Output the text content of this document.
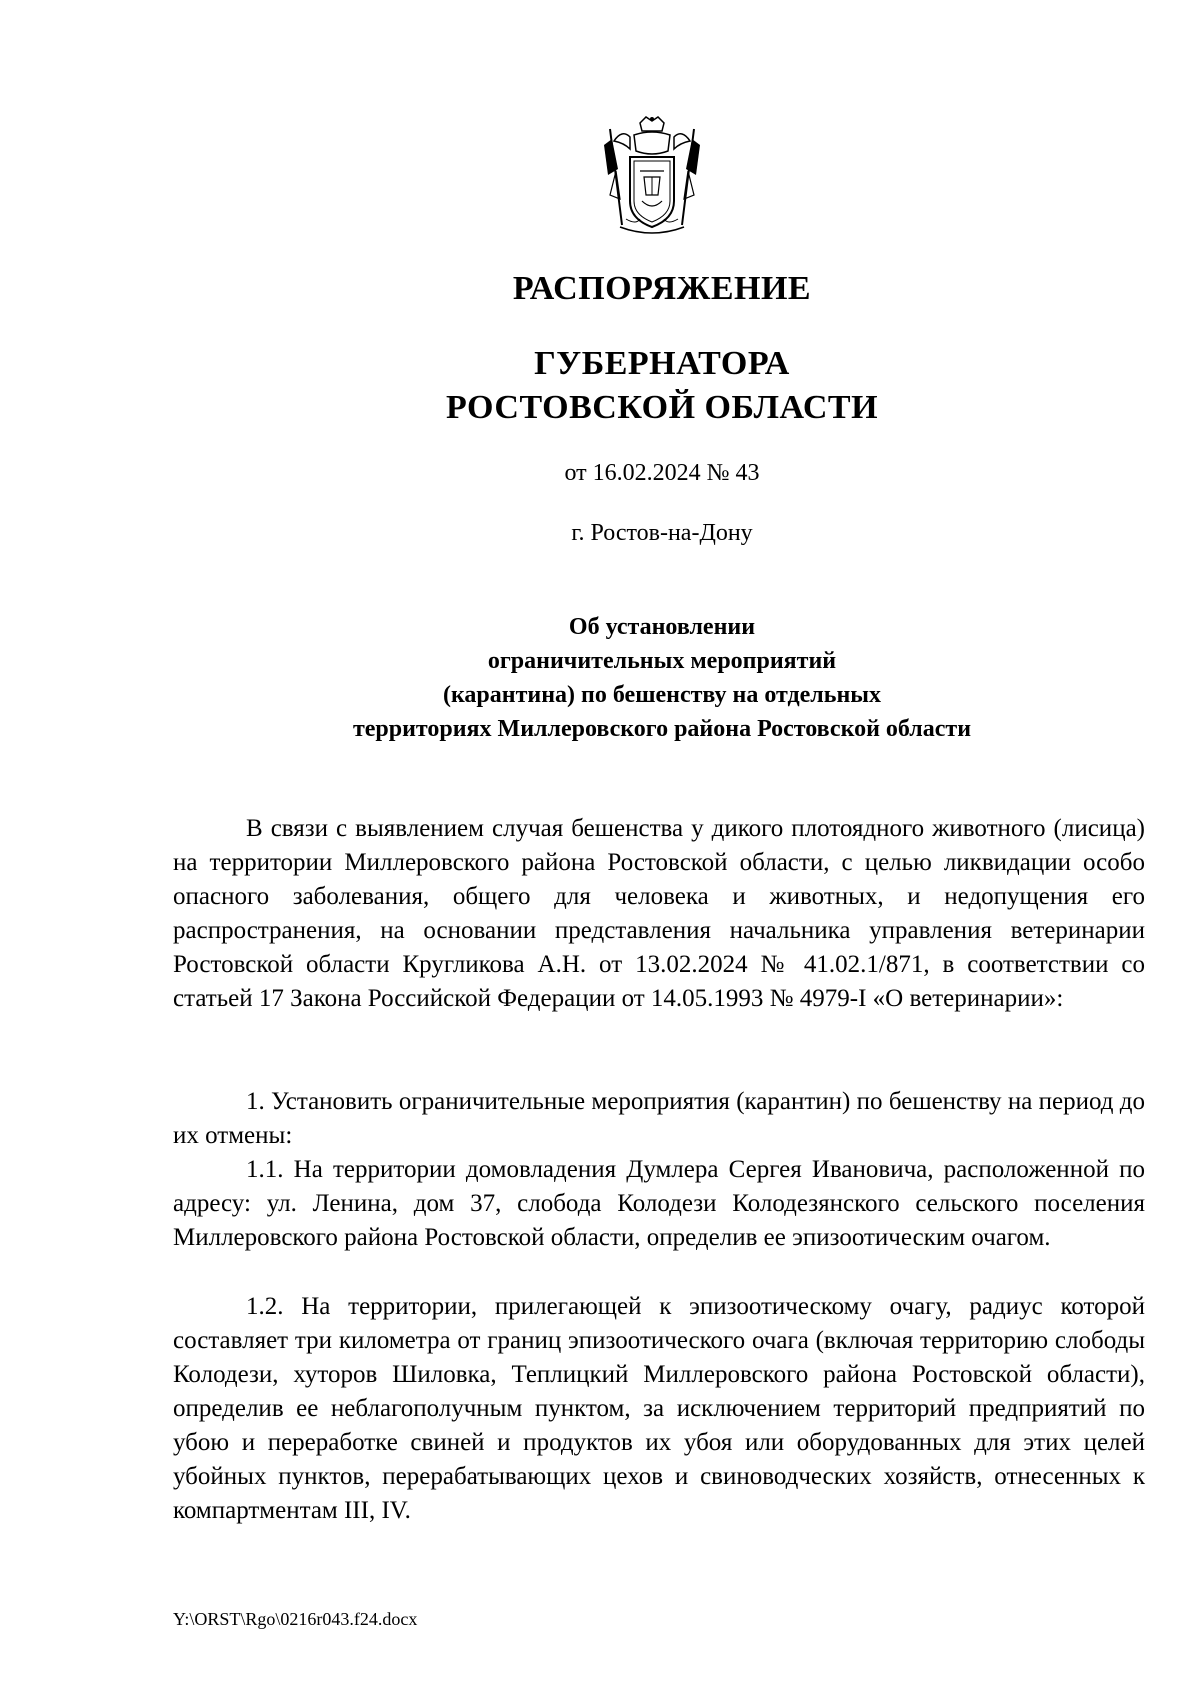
РАСПОРЯЖЕНИЕ
ГУБЕРНАТОРА
РОСТОВСКОЙ ОБЛАСТИ
от 16.02.2024 № 43
г. Ростов-на-Дону
Об установлении
ограничительных мероприятий
(карантина) по бешенству на отдельных
территориях Миллеровского района Ростовской области

В связи с выявлением случая бешенства у дикого плотоядного животного (лисица) на территории Миллеровского района Ростовской области, с целью ликвидации особо опасного заболевания, общего для человека и животных, и недопущения его распространения, на основании представления начальника управления ветеринарии Ростовской области Кругликова А.Н. от 13.02.2024 № 41.02.1/871, в соответствии со статьей 17 Закона Российской Федерации от 14.05.1993 № 4979-I «О ветеринарии»:

1. Установить ограничительные мероприятия (карантин) по бешенству на период до их отмены:

1.1. На территории домовладения Думлера Сергея Ивановича, расположенной по адресу: ул. Ленина, дом 37, слобода Колодези Колодезянского сельского поселения Миллеровского района Ростовской области, определив ее эпизоотическим очагом.

1.2. На территории, прилегающей к эпизоотическому очагу, радиус которой составляет три километра от границ эпизоотического очага (включая территорию слободы Колодези, хуторов Шиловка, Теплицкий Миллеровского района Ростовской области), определив ее неблагополучным пунктом, за исключением территорий предприятий по убою и переработке свиней и продуктов их убоя или оборудованных для этих целей убойных пунктов, перерабатывающих цехов и свиноводческих хозяйств, отнесенных к компартментам III, IV.

Y:\ORST\Rgo\0216r043.f24.docx
